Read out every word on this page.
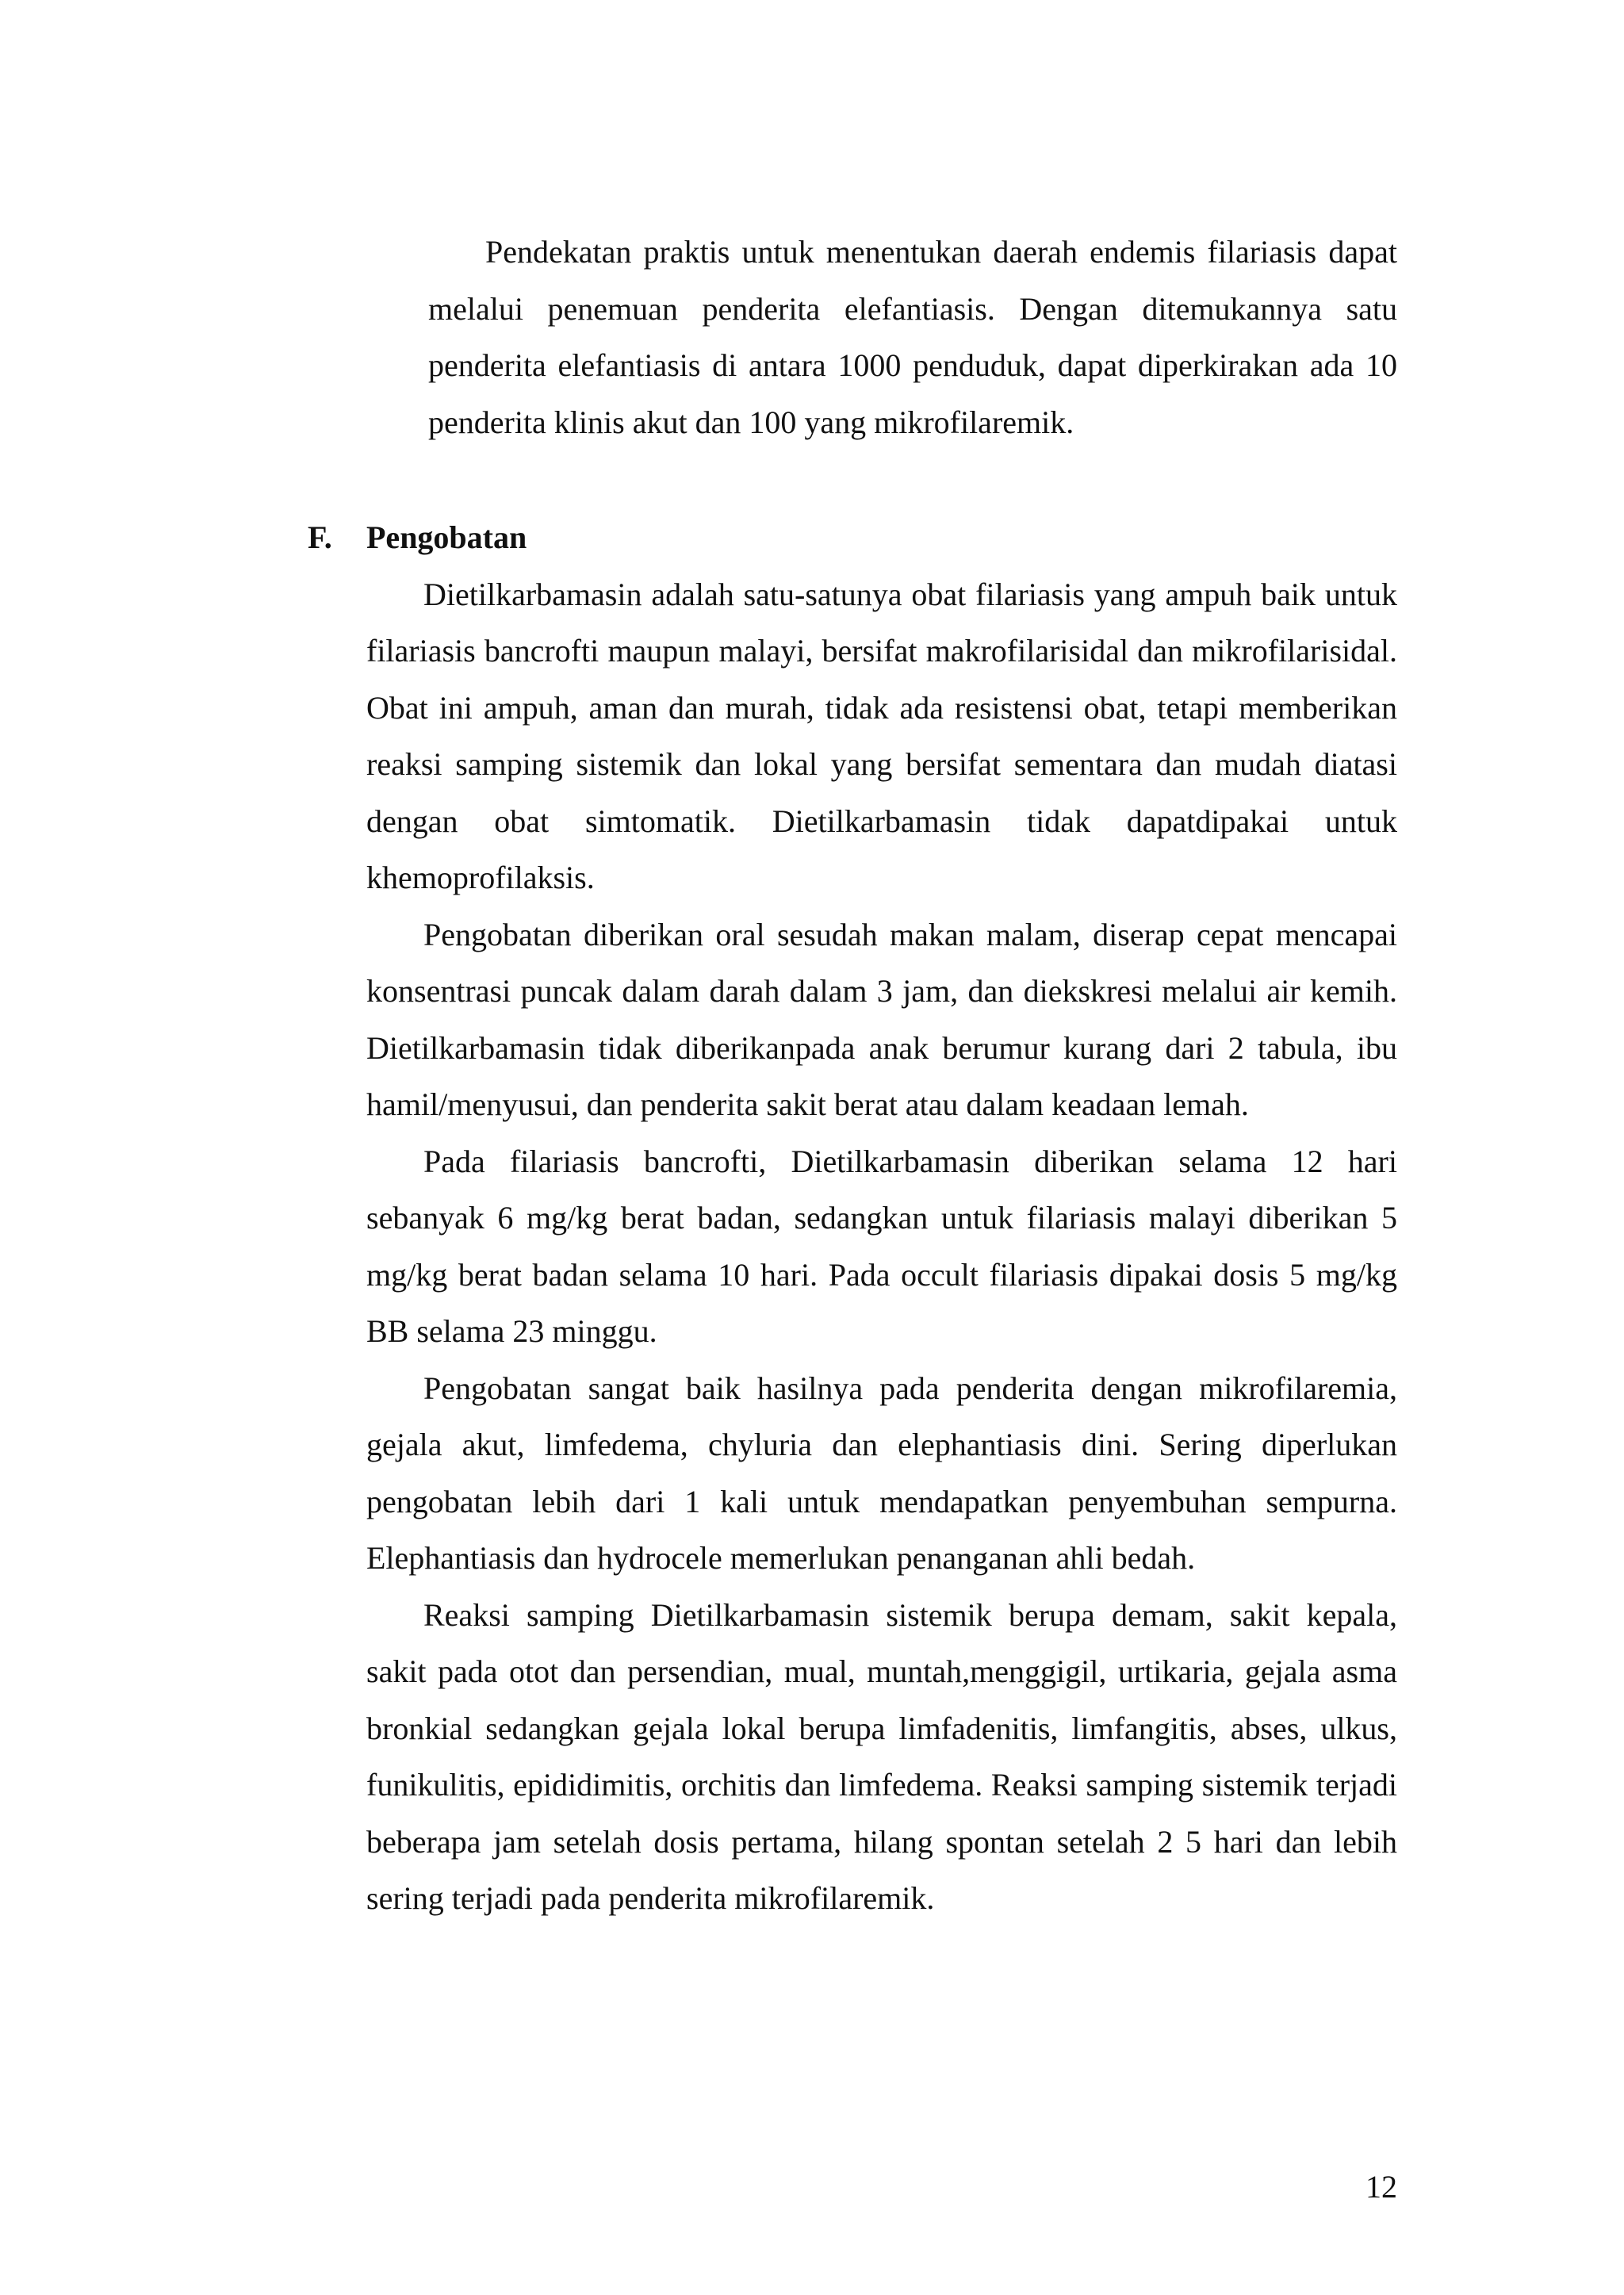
Pendekatan praktis untuk menentukan daerah endemis filariasis dapat melalui penemuan penderita elefantiasis. Dengan ditemukannya satu penderita elefantiasis di antara 1000 penduduk, dapat diperkirakan ada 10 penderita klinis akut dan 100 yang mikrofilaremik.

F.	Pengobatan

Dietilkarbamasin adalah satu-satunya obat filariasis yang ampuh baik untuk filariasis bancrofti maupun malayi, bersifat makrofilarisidal dan mikrofilarisidal. Obat ini ampuh, aman dan murah, tidak ada resistensi obat, tetapi memberikan reaksi samping sistemik dan lokal yang bersifat sementara dan mudah diatasi dengan obat simtomatik. Dietilkarbamasin tidak dapatdipakai untuk khemoprofilaksis.

Pengobatan diberikan oral sesudah makan malam, diserap cepat mencapai konsentrasi puncak dalam darah dalam 3 jam, dan diekskresi melalui air kemih. Dietilkarbamasin tidak diberikanpada anak berumur kurang dari 2 tabula, ibu hamil/menyusui, dan penderita sakit berat atau dalam keadaan lemah.

Pada filariasis bancrofti, Dietilkarbamasin diberikan selama 12 hari sebanyak 6 mg/kg berat badan, sedangkan untuk filariasis malayi diberikan 5 mg/kg berat badan selama 10 hari. Pada occult filariasis dipakai dosis 5 mg/kg BB selama 23 minggu.

Pengobatan sangat baik hasilnya pada penderita dengan mikrofilaremia, gejala akut, limfedema, chyluria dan elephantiasis dini. Sering diperlukan pengobatan lebih dari 1 kali untuk mendapatkan penyembuhan sempurna. Elephantiasis dan hydrocele memerlukan penanganan ahli bedah.

Reaksi samping Dietilkarbamasin sistemik berupa demam, sakit kepala, sakit pada otot dan persendian, mual, muntah,menggigil, urtikaria, gejala asma bronkial sedangkan gejala lokal berupa limfadenitis, limfangitis, abses, ulkus, funikulitis, epididimitis, orchitis dan limfedema. Reaksi samping sistemik terjadi beberapa jam setelah dosis pertama, hilang spontan setelah 2 5 hari dan lebih sering terjadi pada penderita mikrofilaremik.

12
